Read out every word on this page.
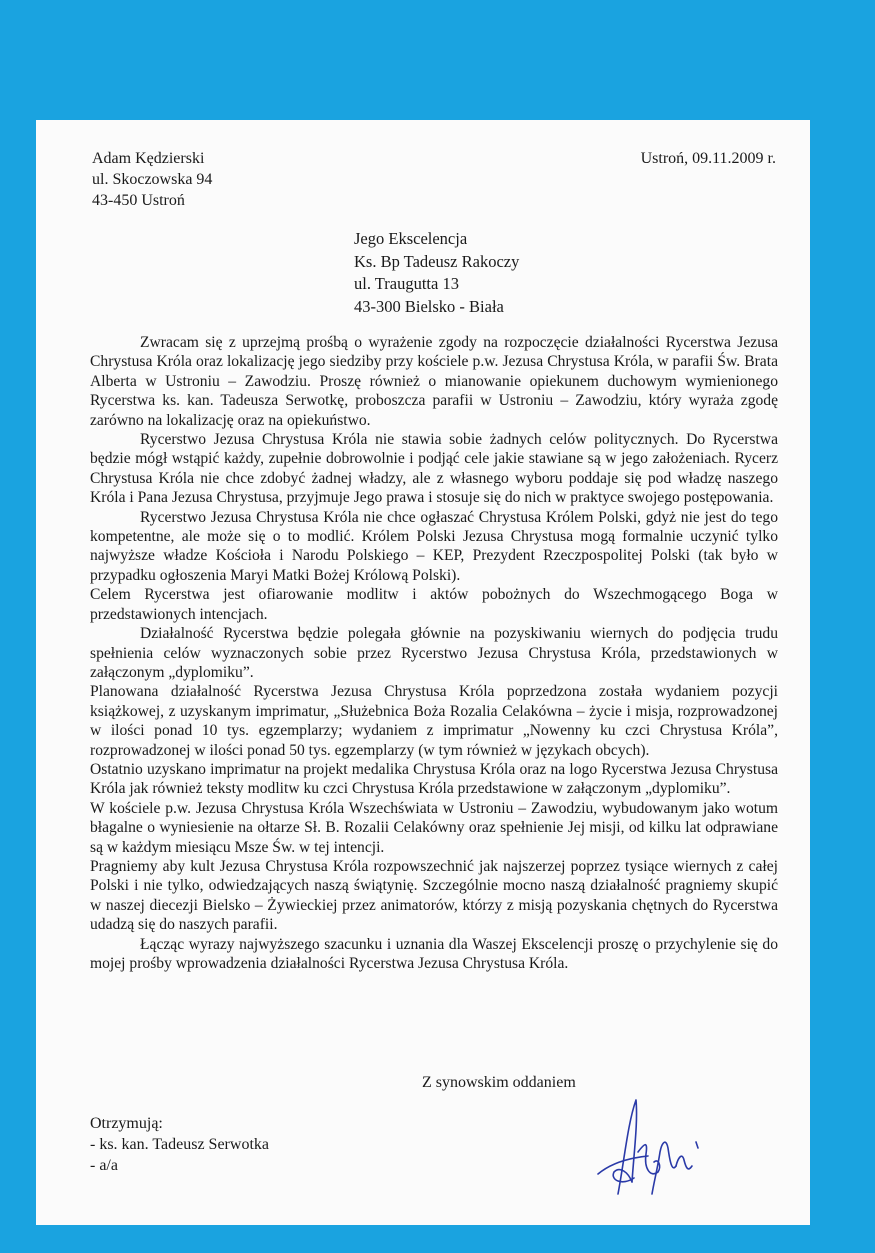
Adam Kędzierski
ul. Skoczowska 94
43-450 Ustroń
Ustroń, 09.11.2009 r.
Jego Ekscelencja
Ks. Bp Tadeusz Rakoczy
ul. Traugutta 13
43-300 Bielsko - Biała

Zwracam się z uprzejmą prośbą o wyrażenie zgody na rozpoczęcie działalności Rycerstwa Jezusa Chrystusa Króla oraz lokalizację jego siedziby przy kościele p.w. Jezusa Chrystusa Króla, w parafii Św. Brata Alberta w Ustroniu – Zawodziu. Proszę również o mianowanie opiekunem duchowym wymienionego Rycerstwa ks. kan. Tadeusza Serwotkę, proboszcza parafii w Ustroniu – Zawodziu, który wyraża zgodę zarówno na lokalizację oraz na opiekuństwo.

Rycerstwo Jezusa Chrystusa Króla nie stawia sobie żadnych celów politycznych. Do Rycerstwa będzie mógł wstąpić każdy, zupełnie dobrowolnie i podjąć cele jakie stawiane są w jego założeniach. Rycerz Chrystusa Króla nie chce zdobyć żadnej władzy, ale z własnego wyboru poddaje się pod władzę naszego Króla i Pana Jezusa Chrystusa, przyjmuje Jego prawa i stosuje się do nich w praktyce swojego postępowania.

Rycerstwo Jezusa Chrystusa Króla nie chce ogłaszać Chrystusa Królem Polski, gdyż nie jest do tego kompetentne, ale może się o to modlić. Królem Polski Jezusa Chrystusa mogą formalnie uczynić tylko najwyższe władze Kościoła i Narodu Polskiego – KEP, Prezydent Rzeczpospolitej Polski (tak było w przypadku ogłoszenia Maryi Matki Bożej Królową Polski).

Celem Rycerstwa jest ofiarowanie modlitw i aktów pobożnych do Wszechmogącego Boga w przedstawionych intencjach.

Działalność Rycerstwa będzie polegała głównie na pozyskiwaniu wiernych do podjęcia trudu spełnienia celów wyznaczonych sobie przez Rycerstwo Jezusa Chrystusa Króla, przedstawionych w załączonym „dyplomiku”.

Planowana działalność Rycerstwa Jezusa Chrystusa Króla poprzedzona została wydaniem pozycji książkowej, z uzyskanym imprimatur, „Służebnica Boża Rozalia Celakówna – życie i misja, rozprowadzonej w ilości ponad 10 tys. egzemplarzy; wydaniem z imprimatur „Nowenny ku czci Chrystusa Króla”, rozprowadzonej w ilości ponad 50 tys. egzemplarzy (w tym również w językach obcych).

Ostatnio uzyskano imprimatur na projekt medalika Chrystusa Króla oraz na logo Rycerstwa Jezusa Chrystusa Króla jak również teksty modlitw ku czci Chrystusa Króla przedstawione w załączonym „dyplomiku”.

W kościele p.w. Jezusa Chrystusa Króla Wszechświata w Ustroniu – Zawodziu, wybudowanym jako wotum błagalne o wyniesienie na ołtarze Sł. B. Rozalii Celakówny oraz spełnienie Jej misji, od kilku lat odprawiane są w każdym miesiącu Msze Św. w tej intencji.

Pragniemy aby kult Jezusa Chrystusa Króla rozpowszechnić jak najszerzej poprzez tysiące wiernych z całej Polski i nie tylko, odwiedzających naszą świątynię. Szczególnie mocno naszą działalność pragniemy skupić w naszej diecezji Bielsko – Żywieckiej przez animatorów, którzy z misją pozyskania chętnych do Rycerstwa udadzą się do naszych parafii.

Łącząc wyrazy najwyższego szacunku i uznania dla Waszej Ekscelencji proszę o przychylenie się do mojej prośby wprowadzenia działalności Rycerstwa Jezusa Chrystusa Króla.

Z synowskim oddaniem
Otrzymują:
- ks. kan. Tadeusz Serwotka
- a/a
